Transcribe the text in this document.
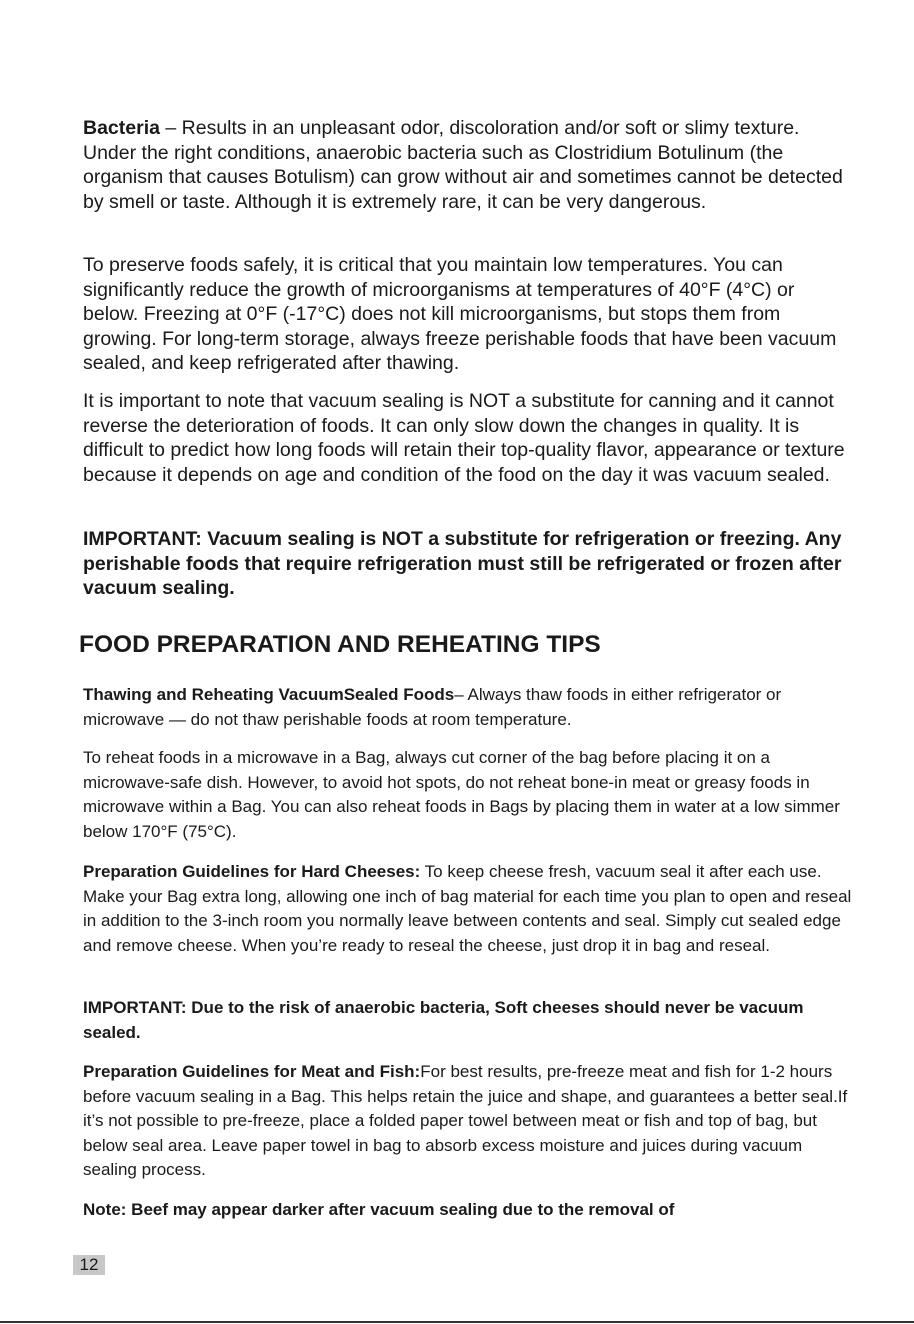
Bacteria – Results in an unpleasant odor, discoloration and/or soft or slimy texture. Under the right conditions, anaerobic bacteria such as Clostridium Botulinum (the organism that causes Botulism) can grow without air and sometimes cannot be detected by smell or taste. Although it is extremely rare, it can be very dangerous.

To preserve foods safely, it is critical that you maintain low temperatures. You can significantly reduce the growth of microorganisms at temperatures of 40°F (4°C) or below. Freezing at 0°F (-17°C) does not kill microorganisms, but stops them from growing. For long-term storage, always freeze perishable foods that have been vacuum sealed, and keep refrigerated after thawing.

It is important to note that vacuum sealing is NOT a substitute for canning and it cannot reverse the deterioration of foods. It can only slow down the changes in quality. It is difficult to predict how long foods will retain their top-quality flavor, appearance or texture because it depends on age and condition of the food on the day it was vacuum sealed.

IMPORTANT: Vacuum sealing is NOT a substitute for refrigeration or freezing. Any perishable foods that require refrigeration must still be refrigerated or frozen after vacuum sealing.

FOOD PREPARATION AND REHEATING TIPS

Thawing and Reheating VacuumSealed Foods– Always thaw foods in either refrigerator or microwave — do not thaw perishable foods at room temperature.

To reheat foods in a microwave in a Bag, always cut corner of the bag before placing it on a microwave-safe dish. However, to avoid hot spots, do not reheat bone-in meat or greasy foods in microwave within a Bag. You can also reheat foods in Bags by placing them in water at a low simmer below 170°F (75°C).

Preparation Guidelines for Hard Cheeses: To keep cheese fresh, vacuum seal it after each use. Make your Bag extra long, allowing one inch of bag material for each time you plan to open and reseal in addition to the 3-inch room you normally leave between contents and seal. Simply cut sealed edge and remove cheese. When you’re ready to reseal the cheese, just drop it in bag and reseal.

IMPORTANT: Due to the risk of anaerobic bacteria, Soft cheeses should never be vacuum sealed.

Preparation Guidelines for Meat and Fish:For best results, pre-freeze meat and fish for 1-2 hours before vacuum sealing in a Bag. This helps retain the juice and shape, and guarantees a better seal.If it’s not possible to pre-freeze, place a folded paper towel between meat or fish and top of bag, but below seal area. Leave paper towel in bag to absorb excess moisture and juices during vacuum sealing process.

Note: Beef may appear darker after vacuum sealing due to the removal of

12
